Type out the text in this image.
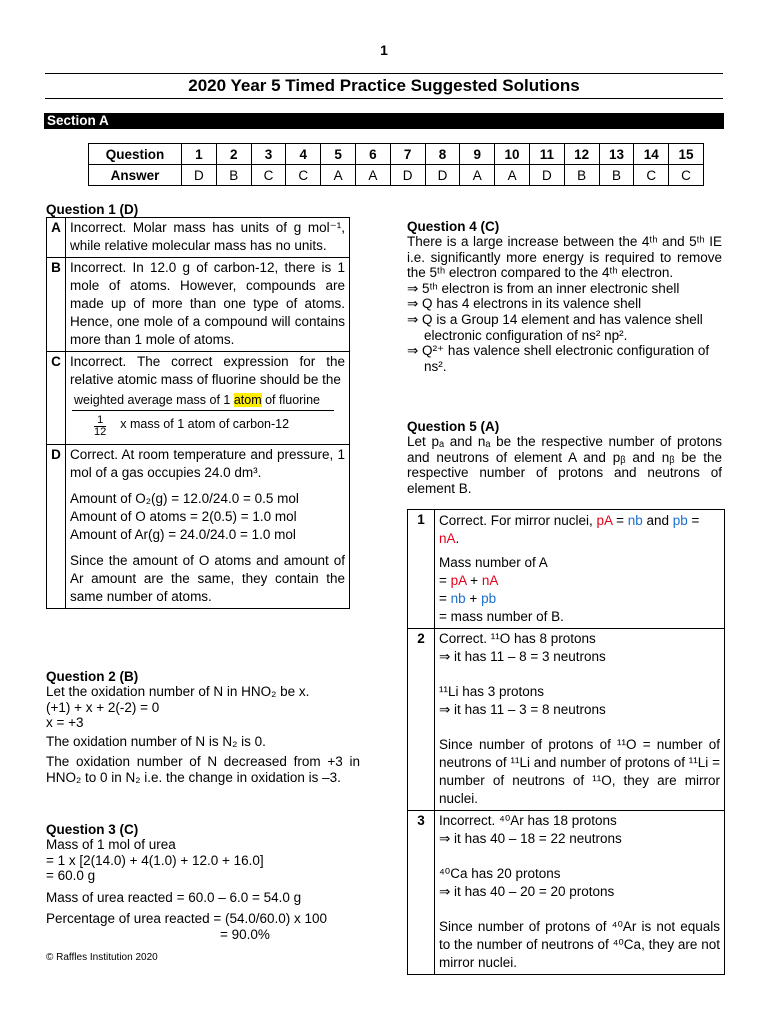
1
2020 Year 5 Timed Practice Suggested Solutions
Section A
Question	1	2	3	4	5	6	7	8	9	10	11	12	13	14	15
Answer	D	B	C	C	A	A	D	D	A	A	D	B	B	C	C
Question 1 (D)
A	Incorrect. Molar mass has units of g mol⁻¹, while relative molecular mass has no units.
B	Incorrect. In 12.0 g of carbon-12, there is 1 mole of atoms. However, compounds are made up of more than one type of atoms. Hence, one mole of a compound will contains more than 1 mole of atoms.
C	Incorrect. The correct expression for the relative atomic mass of fluorine should be the
weighted average mass of 1 atom of fluorine
$\frac{1}{12}$ x mass of 1 atom of carbon-12

D	Correct. At room temperature and pressure, 1 mol of a gas occupies 24.0 dm³.
Amount of O₂(g) = 12.0/24.0 = 0.5 mol
Amount of O atoms = 2(0.5) = 1.0 mol
Amount of Ar(g) = 24.0/24.0 = 1.0 mol
Since the amount of O atoms and amount of Ar amount are the same, they contain the same number of atoms.
Question 2 (B)
Let the oxidation number of N in HNO₂ be x.
(+1) + x + 2(-2) = 0
x = +3
The oxidation number of N is N₂ is 0.
The oxidation number of N decreased from +3 in HNO₂ to 0 in N₂ i.e. the change in oxidation is –3.
Question 3 (C)
Mass of 1 mol of urea
= 1 x [2(14.0) + 4(1.0) + 12.0 + 16.0]
= 60.0 g
Mass of urea reacted = 60.0 – 6.0 = 54.0 g
Percentage of urea reacted = (54.0/60.0) x 100
= 90.0%
© Raffles Institution 2020
Question 4 (C)
There is a large increase between the 4ᵗʰ and 5ᵗʰ IE i.e. significantly more energy is required to remove the 5ᵗʰ electron compared to the 4ᵗʰ electron.
⇒ 5ᵗʰ electron is from an inner electronic shell
⇒ Q has 4 electrons in its valence shell
⇒ Q is a Group 14 element and has valence shell electronic configuration of ns² np².
⇒ Q²⁺ has valence shell electronic configuration of ns².
Question 5 (A)
Let pₐ and nₐ be the respective number of protons and neutrons of element A and pᵦ and nᵦ be the respective number of protons and neutrons of element B.
1	Correct. For mirror nuclei, pA = nb and pb = nA.
Mass number of A
= pA + nA
= nb + pb
= mass number of B.

2	Correct. ¹¹O has 8 protons
⇒ it has 11 – 8 = 3 neutrons
¹¹Li has 3 protons
⇒ it has 11 – 3 = 8 neutrons
Since number of protons of ¹¹O = number of neutrons of ¹¹Li and number of protons of ¹¹Li = number of neutrons of ¹¹O, they are mirror nuclei.

3	Incorrect. ⁴⁰Ar has 18 protons
⇒ it has 40 – 18 = 22 neutrons
⁴⁰Ca has 20 protons
⇒ it has 40 – 20 = 20 protons
Since number of protons of ⁴⁰Ar is not equals to the number of neutrons of ⁴⁰Ca, they are not mirror nuclei.
